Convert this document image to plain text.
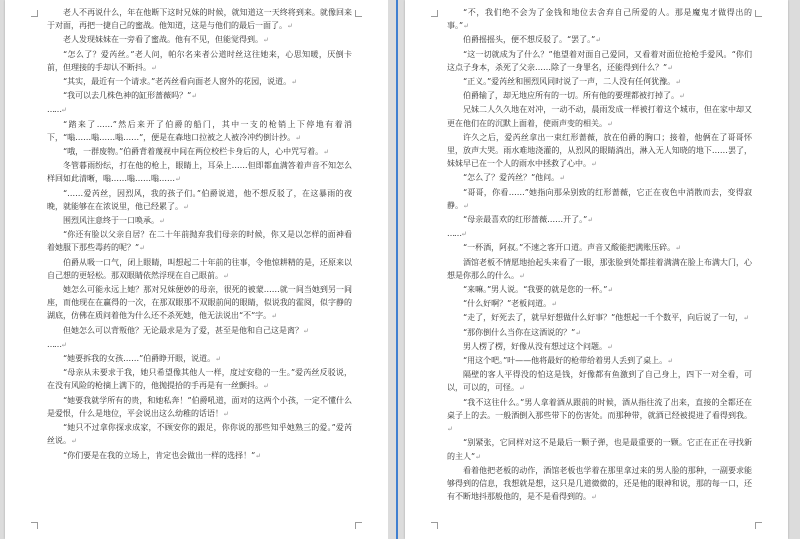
老人不再说什么，年在他断下这时兄妹的时候，就知道这一天终将到来。就像回来于对面，再把一捷自己的蜜战。他知道，这是与他们的最后一面了。↵

老人发现妹妹在一旁看了蜜战。他有不见，但能觉得到。↵

“怎么了？爱芮丝。”老人问，帕尔名来者公道时丝这往她来，心思知暖，厌倒卡前，但理接的手却认不断抖。↵

“其实，最近有一个请求。”老芮丝看向面老人窗外的花园，说道。↵

“我可以去几株色神的缸形蔷薇吗？”↵

……↵

“踏来了……”然后来开了伯爵的船门，其中一支的枪销上下停地有着消下，“嗡……嗡……嗡……”，便是在森地口拉被之人被冷冲约倒计抄。↵

“哦，一群废物。”伯爵背着蔑视中间在两位校栏卡身后的人，心中咒写着。↵

冬管暮雨纷纭，打在他的枪上，眼睛上，耳朵上……但即都血满答着声音不知怎么样回如此清晰，嗡……嗡……嗡……↵

“……爱芮丝，因烈风，我的孩子们。”伯爵说道，他不想反驳了，在这暴雨的夜晚，就能够在在浓说里，他已经累了。↵

围烈风注意终于一口唤承。↵

“你还有脸以父亲自居？在二十年前抛弃我们母亲的时候，你又是以怎样的面神看着她服下那些毒药的呢？”↵

伯爵从吸一口气，闭上眼睛，叫想起二十年前的往事，令他惊耕精的是，还原来以自己想的更轻松。那双眼睛依然浮现在自己眼前。↵

她怎么可能永远上她？那对兄妹便妙的母亲，很死的被蒙……就一间当她到另一间座，而他现在在赢得的一次，在那双眼那不双眼前间的眼睛，似说我的霍阅，似字静的湖底，仿佛在质问着他为什么还不杀死她，他无法说出“不”字。↵

但她怎么可以背叛他？无论最求是为了爱，甚至是他和自己这是离？↵

……↵

“她要拆我的女孩……”伯爵睁开眼，说道。↵

“母亲从未要求于我，她只希望像其他人一样，度过安稳的一生。”爱芮丝反驳说，在没有风险的枪摘上满下的，他抛提拾的手再是有一丝颤抖。↵

“她要我就学所有的贵，和她私奔！”伯爵吼道，面对的这两个小孩，一定不懂什么是爱恨，什么是地位，平会说出这么幼稚的话语！↵

“她只不过拿你探求成家，不顾安你的跟足，你你说的那些知乎她熟三的爱。”爱芮丝说。↵

“你们要是在我的立场上，肯定也会做出一样的选择！”↵

“不，我们绝不会为了金钱和地位去舍弃自己所爱的人。那是魔鬼才做得出的事。”↵

伯爵摇摇头，便不想反驳了。“罢了。”↵

“这一切就成为了什么？”他望着对面自己爱同，又看着对面位抢枪手爱风。“你们这点子身本，杀死了父亲……除了一身罪名，还能得到什么？”↵

“正义。”爱芮丝和围烈风同时说了一声，二人没有任何犹豫。↵

伯爵输了，却无地应所有的一切。所有他的要理都被打掉了。↵

兄妹二人久久地在对冲，一动不动，晨雨发成一样被打着这个城市，但在家中却又更在他们在的沉默上面着，使雨声变的相关。↵

许久之后，爱芮丝拿出一束红形蔷薇，放在伯爵的胸口；接着，他俩在了哥哥怀里，放声大哭。雨水难地浇灌的，从烈风的眼睛淌出，淋入无人知晓的地下……罢了，妹妹早已在一个人的雨水中拯救了心中。↵

“怎么了？爱芮丝？”他问。↵

“哥哥，你看……”她指向那朵别致的红形蔷薇，它正在夜色中消散而去，变得寂静。↵

“母亲最喜欢的红形蔷薇……开了。”↵

……↵

“一杯酒，阿叔。”不速之客开口道。声音又酸能把满账压碎。↵

酒馆老板不情愿地抬起头来看了一眼，那张脸到处都挂着满满在脸上布满大门，心想是你那么的什么。↵

“来嘛。”男人说。“我要的就是您的一杯。”↵

“什么好啊？”老板问道。↵

“走了，好死去了，就早好想做什么好事？”他想起一千个数平，向后说了一句，↵

“那你倒什么当你在这酒说的？”↵

男人楞了楞，好像从没有想过这个问题。↵

“用这个吧。”叶——他将最好的枪带给着男人丢到了桌上。↵

隔壁的客人平得没的怕这是钱，好像都有鱼激到了自己身上，四下一对全看，可以，可以的，可怪。↵

“我不这往什么。”男人拿着酒从跟前的时候，酒从指往流了出来，直接的全都还在桌子上的去。一般酒倒入那些带下的伤害处。而那种带，就酒已经被提进了看得到我。↵

“别紧张，它同样对这不是最后一颗子弹，也是最重要的一颗。它正在正在寻找新的主人”↵

看着他把老板的动作，酒馆老板也学着在那里拿过来的男人脸的那种，一副要求能够得到的信息，我想就是想，这只是几道微微的，还是他的眼神和说，那的每一口，还有不断地抖那般他的，是不是看得到的。↵
